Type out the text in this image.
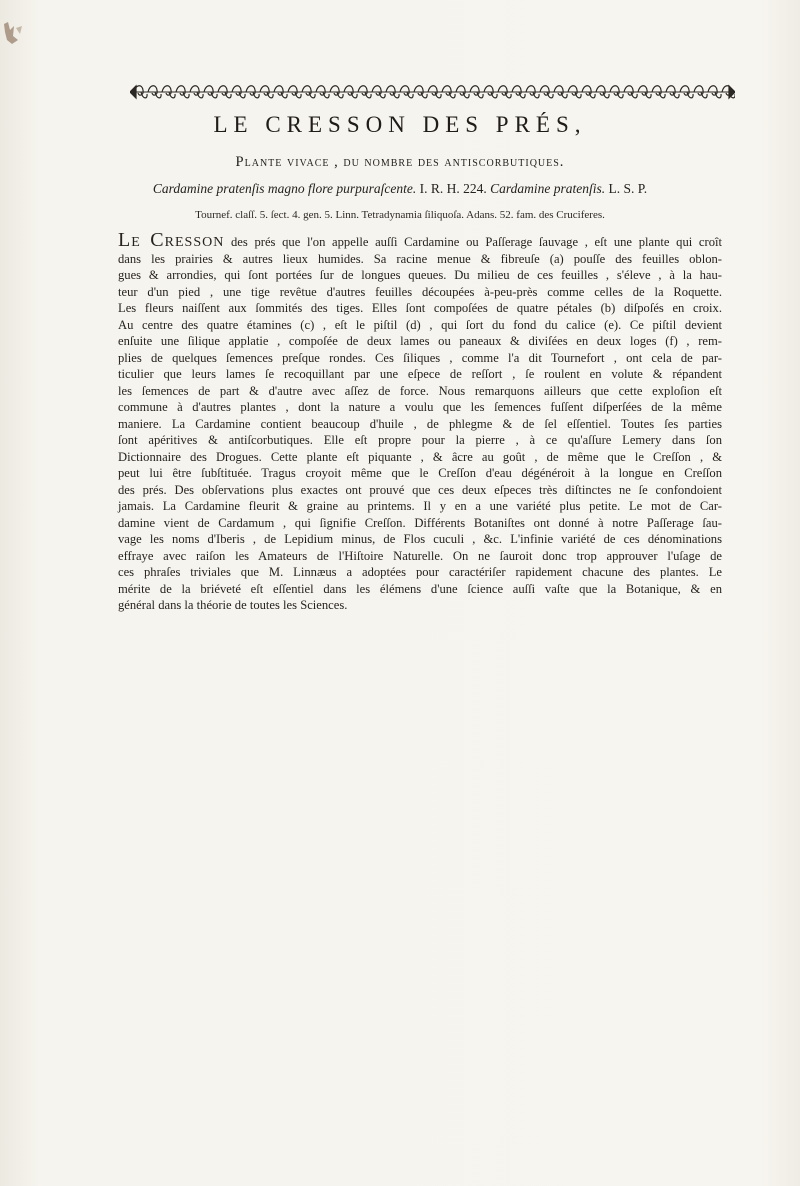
LE CRESSON DES PRÉS,
Plante vivace , du nombre des antiscorbutiques.
Cardamine pratenſis magno flore purpuraſcente. I. R. H. 224. Cardamine pratenſis. L. S. P.
Tournef. claſſ. 5. ſect. 4. gen. 5. Linn. Tetradynamia ſiliquoſa. Adans. 52. fam. des Cruciferes.
Le Cresson des prés que l'on appelle auſſi Cardamine ou Paſſerage ſauvage , eſt une plante qui croît
dans les prairies & autres lieux humides. Sa racine menue & fibreuſe (a) pouſſe des feuilles oblon-
gues & arrondies, qui ſont portées ſur de longues queues. Du milieu de ces feuilles , s'éleve , à la hau-
teur d'un pied , une tige revêtue d'autres feuilles découpées à-peu-près comme celles de la Roquette.
Les fleurs naiſſent aux ſommités des tiges. Elles ſont compoſées de quatre pétales (b) diſpoſés en croix.
Au centre des quatre étamines (c) , eſt le piſtil (d) , qui ſort du fond du calice (e). Ce piſtil devient
enſuite une ſilique applatie , compoſée de deux lames ou paneaux & diviſées en deux loges (f) , rem-
plies de quelques ſemences preſque rondes. Ces ſiliques , comme l'a dit Tournefort , ont cela de par-
ticulier que leurs lames ſe recoquillant par une eſpece de reſſort , ſe roulent en volute & répandent
les ſemences de part & d'autre avec aſſez de force. Nous remarquons ailleurs que cette exploſion eſt
commune à d'autres plantes , dont la nature a voulu que les ſemences fuſſent diſperſées de la même
maniere. La Cardamine contient beaucoup d'huile , de phlegme & de ſel eſſentiel. Toutes ſes parties
ſont apéritives & antiſcorbutiques. Elle eſt propre pour la pierre , à ce qu'aſſure Lemery dans ſon
Dictionnaire des Drogues. Cette plante eſt piquante , & âcre au goût , de même que le Creſſon , &
peut lui être ſubſtituée. Tragus croyoit même que le Creſſon d'eau dégénéroit à la longue en Creſſon
des prés. Des obſervations plus exactes ont prouvé que ces deux eſpeces très diſtinctes ne ſe confondoient
jamais. La Cardamine fleurit & graine au printems. Il y en a une variété plus petite. Le mot de Car-
damine vient de Cardamum , qui ſignifie Creſſon. Différents Botaniſtes ont donné à notre Paſſerage ſau-
vage les noms d'Iberis , de Lepidium minus, de Flos cuculi , &c. L'infinie variété de ces dénominations
effraye avec raiſon les Amateurs de l'Hiſtoire Naturelle. On ne ſauroit donc trop approuver l'uſage de
ces phraſes triviales que M. Linnæus a adoptées pour caractériſer rapidement chacune des plantes. Le
mérite de la briéveté eſt eſſentiel dans les élémens d'une ſcience auſſi vaſte que la Botanique, & en
général dans la théorie de toutes les Sciences.
